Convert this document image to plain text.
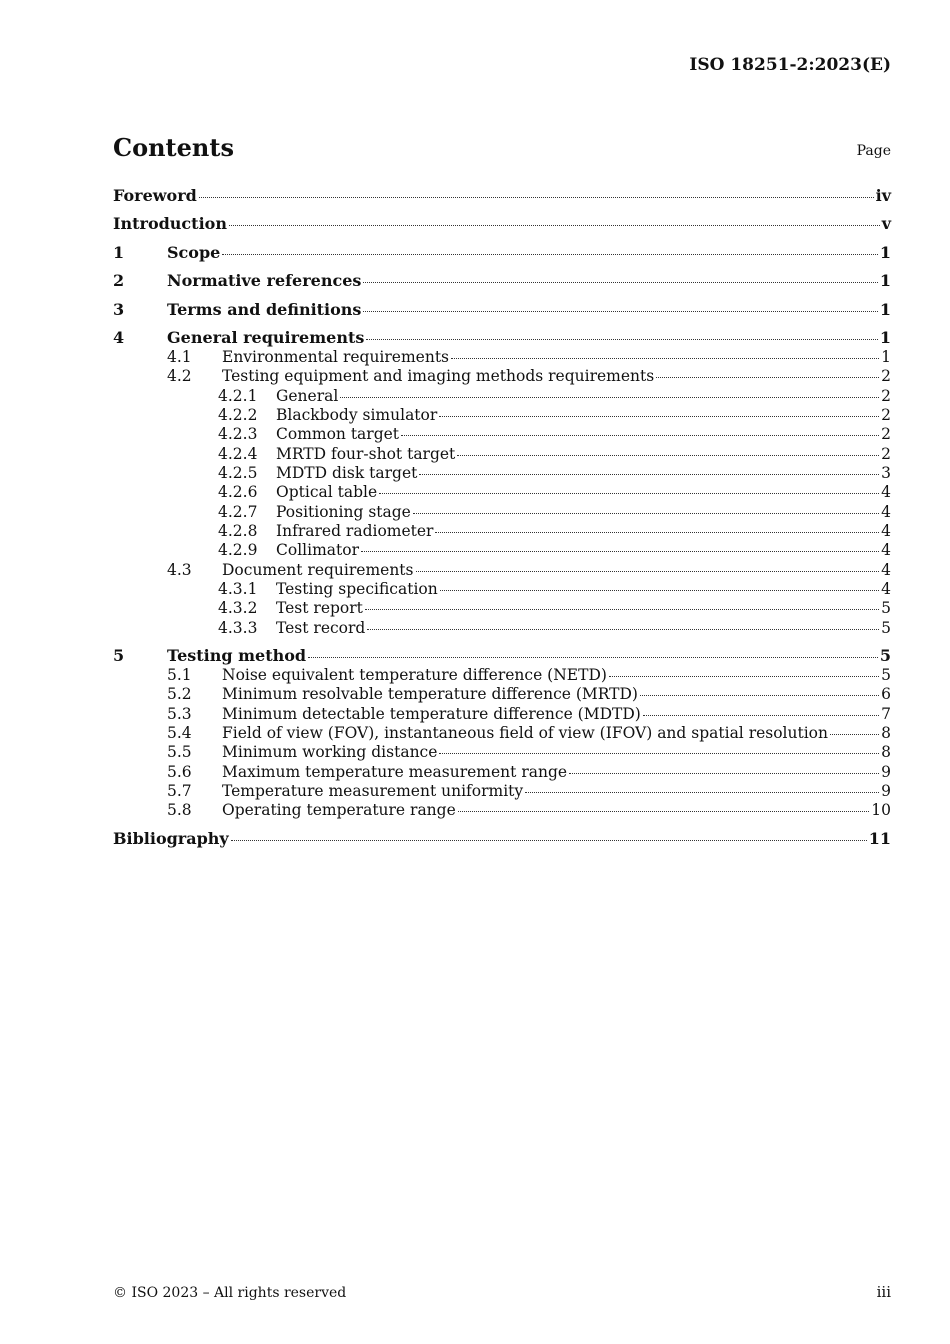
ISO 18251-2:2023(E)
Contents	Page
Foreword	iv
Introduction	v
1	Scope	1
2	Normative references	1
3	Terms and definitions	1
4	General requirements	1
4.1 Environmental requirements	1
4.2 Testing equipment and imaging methods requirements	2
4.2.1 General	2
4.2.2 Blackbody simulator	2
4.2.3 Common target	2
4.2.4 MRTD four-shot target	2
4.2.5 MDTD disk target	3
4.2.6 Optical table	4
4.2.7 Positioning stage	4
4.2.8 Infrared radiometer	4
4.2.9 Collimator	4
4.3 Document requirements	4
4.3.1 Testing specification	4
4.3.2 Test report	5
4.3.3 Test record	5
5	Testing method	5
5.1 Noise equivalent temperature difference (NETD)	5
5.2 Minimum resolvable temperature difference (MRTD)	6
5.3 Minimum detectable temperature difference (MDTD)	7
5.4 Field of view (FOV), instantaneous field of view (IFOV) and spatial resolution	8
5.5 Minimum working distance	8
5.6 Maximum temperature measurement range	9
5.7 Temperature measurement uniformity	9
5.8 Operating temperature range	10
Bibliography	11
© ISO 2023 – All rights reserved	iii
